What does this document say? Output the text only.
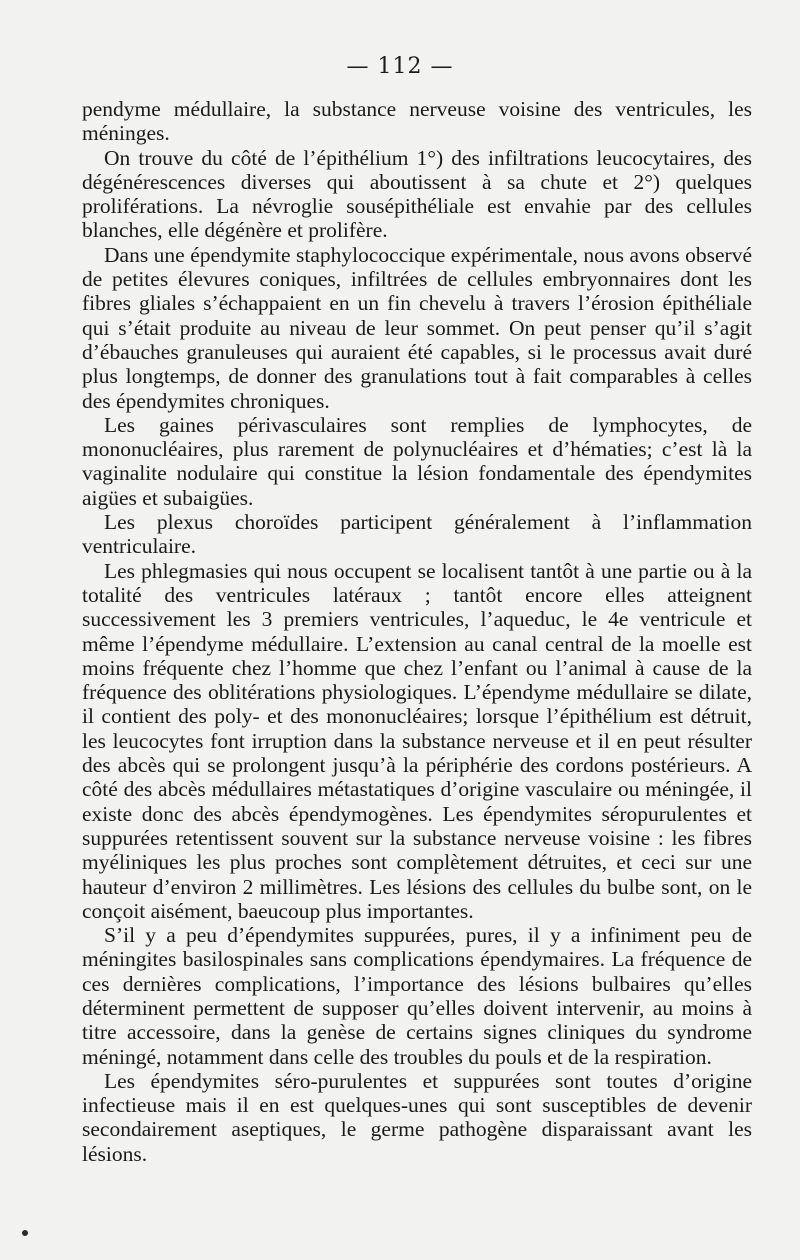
— 112 —

pendyme médullaire, la substance nerveuse voisine des ventricules, les méninges.

On trouve du côté de l’épithélium 1°) des infiltrations leucocytaires, des dégénérescences diverses qui aboutissent à sa chute et 2°) quelques proliférations. La névroglie sousépithéliale est envahie par des cellules blanches, elle dégénère et prolifère.

Dans une épendymite staphylococcique expérimentale, nous avons observé de petites élevures coniques, infiltrées de cellules embryonnaires dont les fibres gliales s’échappaient en un fin chevelu à travers l’érosion épithéliale qui s’était produite au niveau de leur sommet. On peut penser qu’il s’agit d’ébauches granuleuses qui auraient été capables, si le processus avait duré plus longtemps, de donner des granulations tout à fait comparables à celles des épendymites chroniques.

Les gaines périvasculaires sont remplies de lymphocytes, de mononucléaires, plus rarement de polynucléaires et d’hématies; c’est là la vaginalite nodulaire qui constitue la lésion fondamentale des épendymites aigües et subaigües.

Les plexus choroïdes participent généralement à l’inflammation ventriculaire.

Les phlegmasies qui nous occupent se localisent tantôt à une partie ou à la totalité des ventricules latéraux ; tantôt encore elles atteignent successivement les 3 premiers ventricules, l’aqueduc, le 4e ventricule et même l’épendyme médullaire. L’extension au canal central de la moelle est moins fréquente chez l’homme que chez l’enfant ou l’animal à cause de la fréquence des oblitérations physiologiques. L’épendyme médullaire se dilate, il contient des poly- et des mononucléaires; lorsque l’épithélium est détruit, les leucocytes font irruption dans la substance nerveuse et il en peut résulter des abcès qui se prolongent jusqu’à la périphérie des cordons postérieurs. A côté des abcès médullaires métastatiques d’origine vasculaire ou méningée, il existe donc des abcès épendymogènes. Les épendymites séropurulentes et suppurées retentissent souvent sur la substance nerveuse voisine : les fibres myéliniques les plus proches sont complètement détruites, et ceci sur une hauteur d’environ 2 millimètres. Les lésions des cellules du bulbe sont, on le conçoit aisément, baeucoup plus importantes.

S’il y a peu d’épendymites suppurées, pures, il y a infiniment peu de méningites basilospinales sans complications épendymaires. La fréquence de ces dernières complications, l’importance des lésions bulbaires qu’elles déterminent permettent de supposer qu’elles doivent intervenir, au moins à titre accessoire, dans la genèse de certains signes cliniques du syndrome méningé, notamment dans celle des troubles du pouls et de la respiration.

Les épendymites séro-purulentes et suppurées sont toutes d’origine infectieuse mais il en est quelques-unes qui sont susceptibles de devenir secondairement aseptiques, le germe pathogène disparaissant avant les lésions.
